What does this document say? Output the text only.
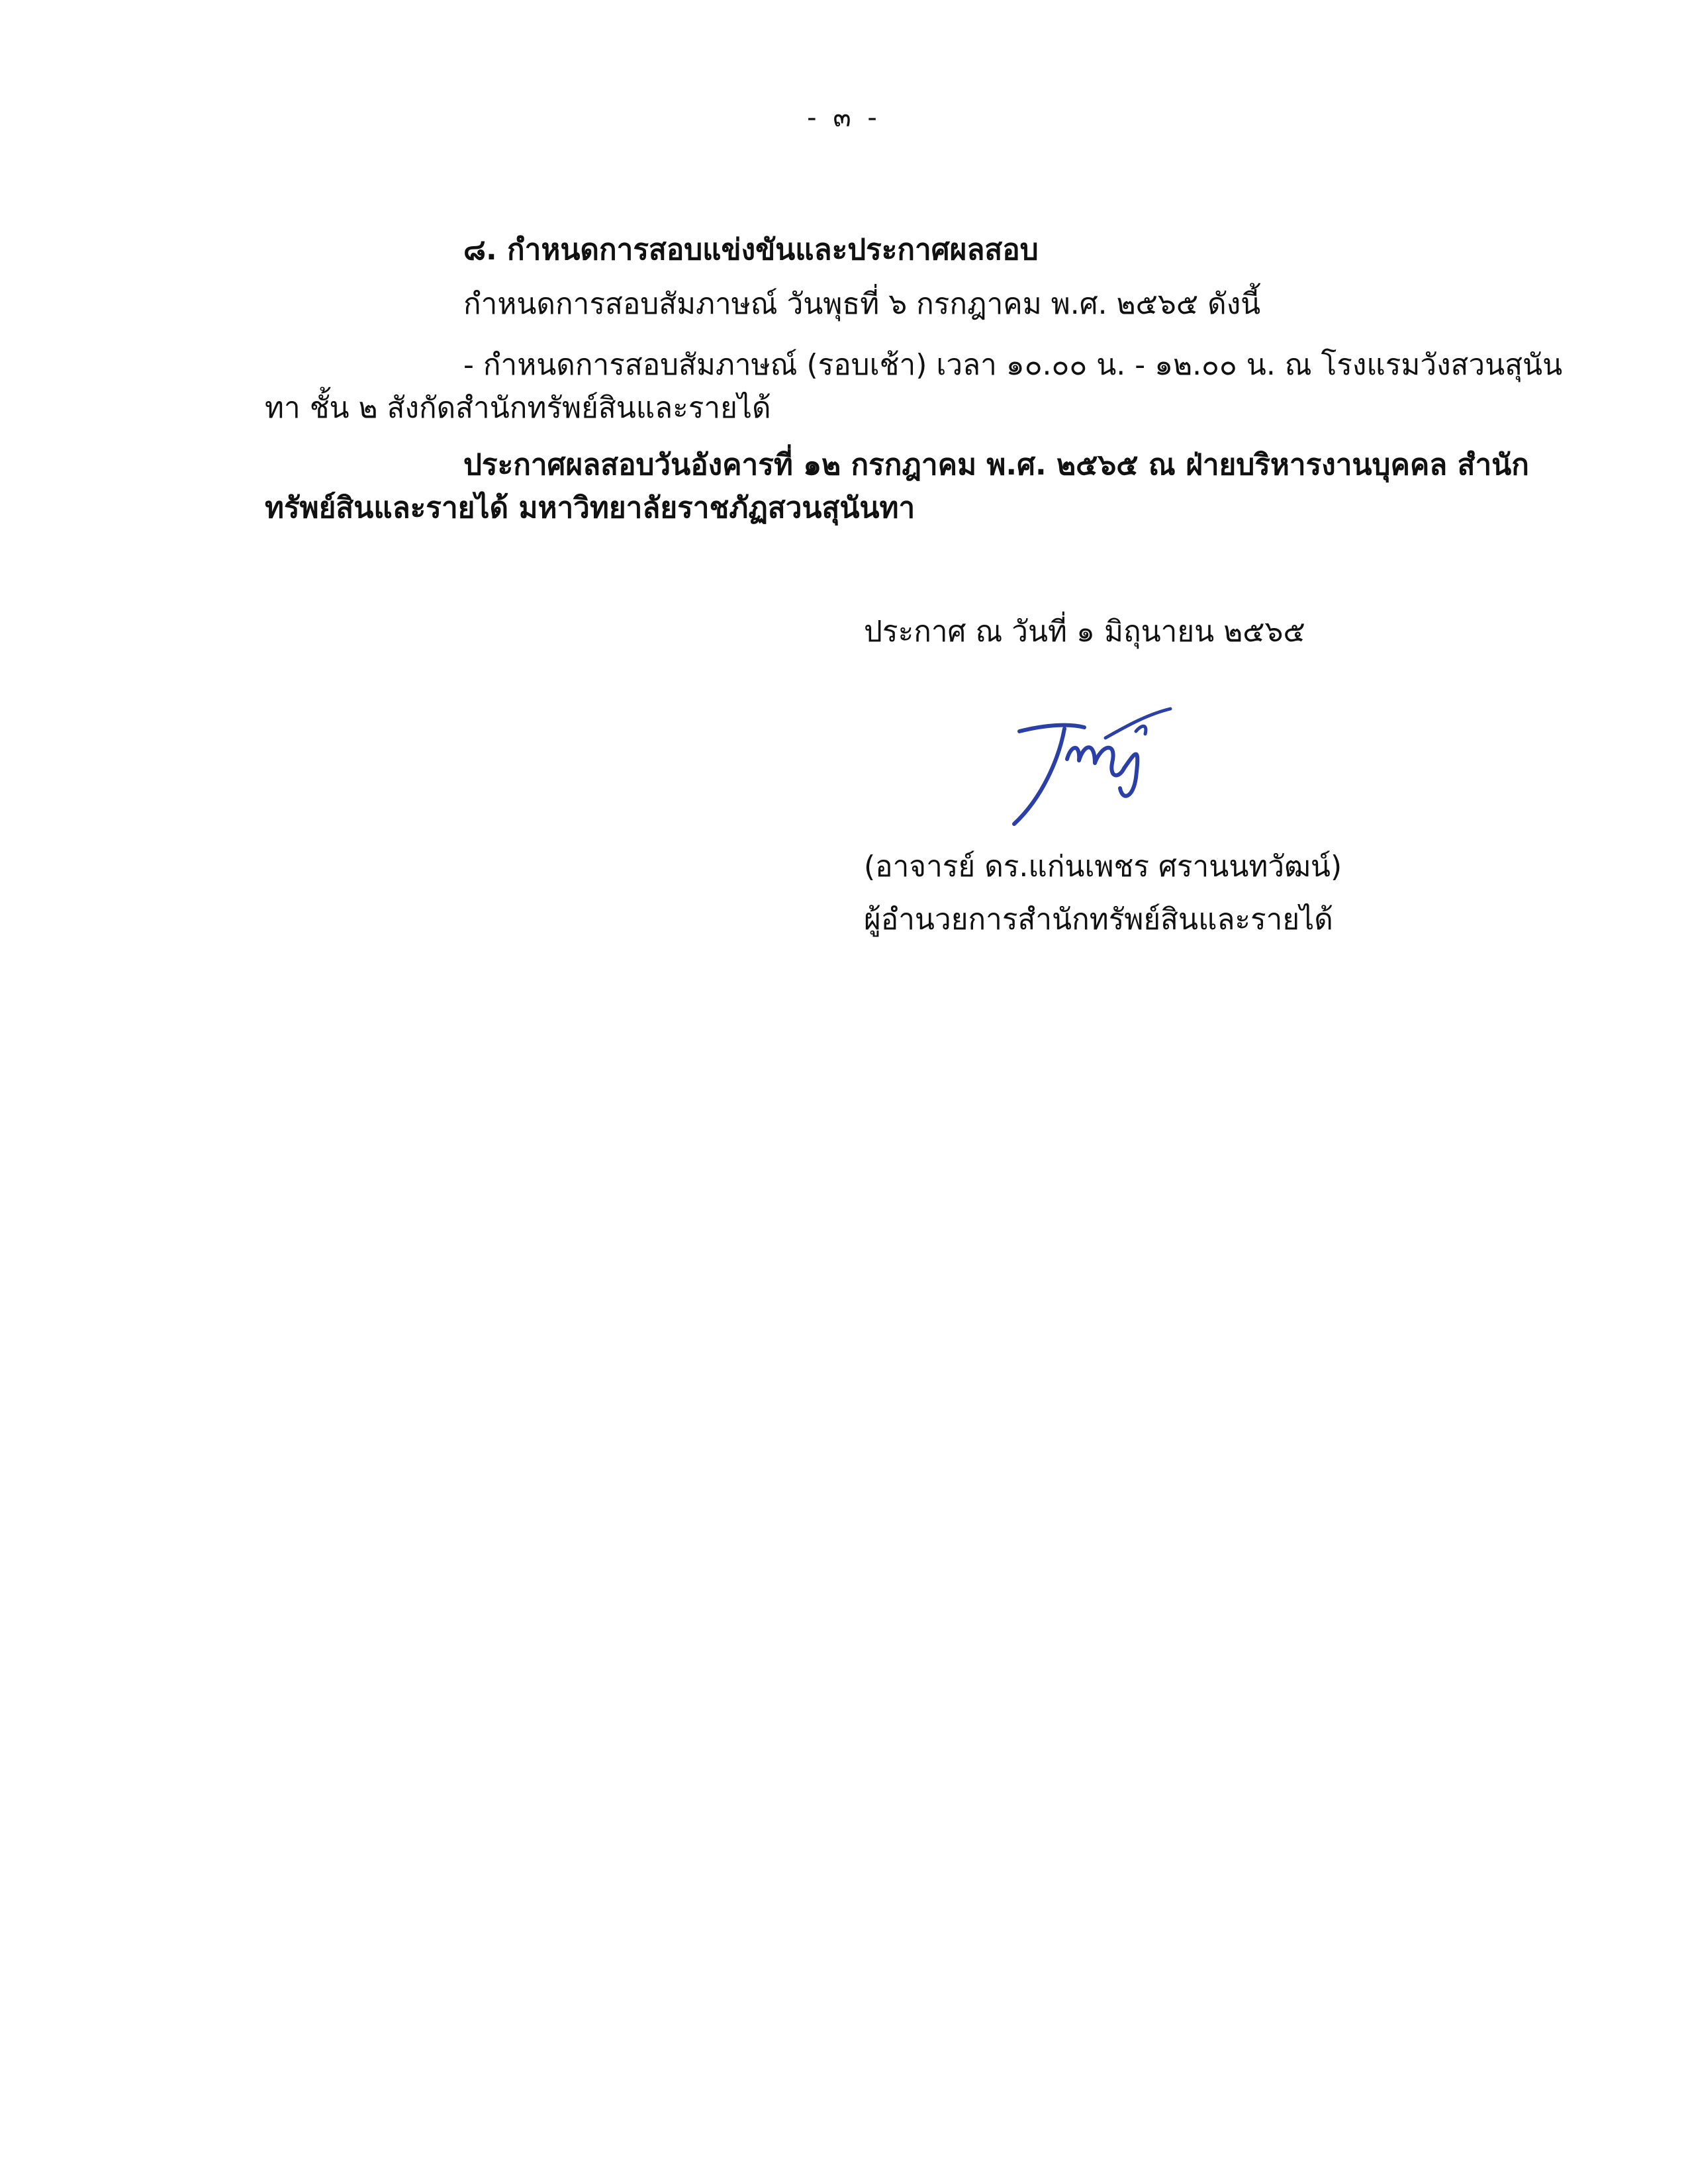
- ๓ -
๘. กำหนดการสอบแข่งขันและประกาศผลสอบ
กำหนดการสอบสัมภาษณ์ วันพุธที่ ๖ กรกฎาคม พ.ศ. ๒๕๖๕ ดังนี้
- กำหนดการสอบสัมภาษณ์ (รอบเช้า) เวลา ๑๐.๐๐ น. - ๑๒.๐๐ น. ณ โรงแรมวังสวนสุนัน
ทา ชั้น ๒ สังกัดสำนักทรัพย์สินและรายได้
ประกาศผลสอบวันอังคารที่ ๑๒ กรกฎาคม พ.ศ. ๒๕๖๕ ณ ฝ่ายบริหารงานบุคคล สำนัก
ทรัพย์สินและรายได้ มหาวิทยาลัยราชภัฏสวนสุนันทา
ประกาศ ณ วันที่ ๑ มิถุนายน ๒๕๖๕
(อาจารย์ ดร.แก่นเพชร ศรานนทวัฒน์)
ผู้อำนวยการสำนักทรัพย์สินและรายได้
